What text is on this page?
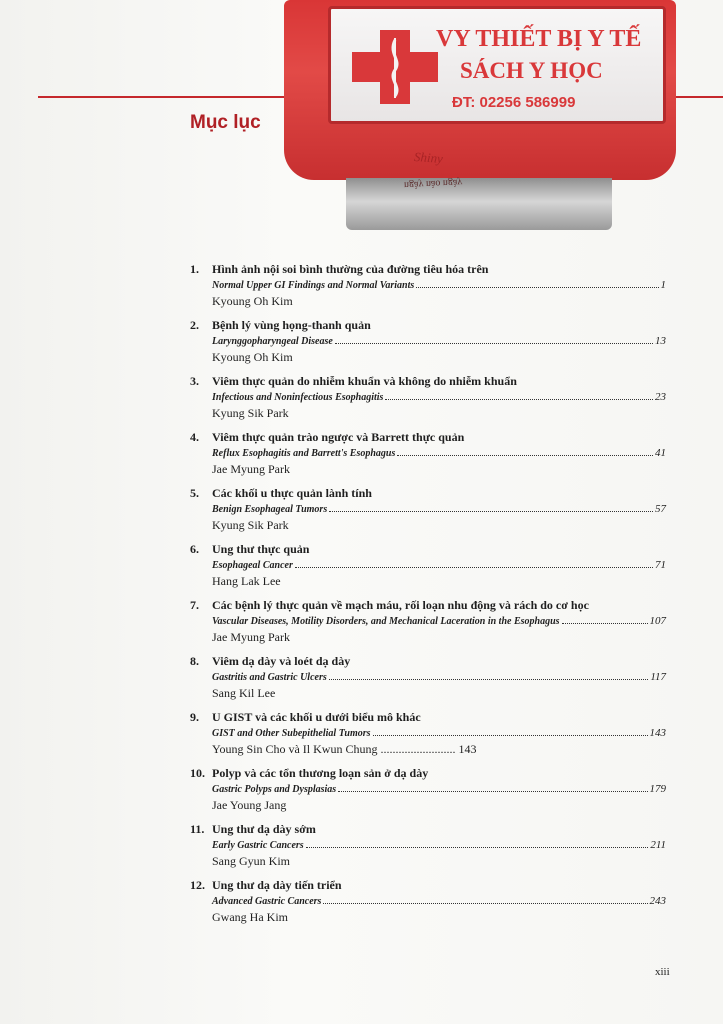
Mục lục
VY THIẾT BỊ Y TẾ
SÁCH Y HỌC
ĐT: 02256 586999
Shiny
ngày nào ngày
1. Hình ảnh nội soi bình thường của đường tiêu hóa trên
Normal Upper GI Findings and Normal Variants	1
Kyoung Oh Kim
2. Bệnh lý vùng họng-thanh quản
Larynggopharyngeal Disease	13
Kyoung Oh Kim
3. Viêm thực quản do nhiễm khuẩn và không do nhiễm khuẩn
Infectious and Noninfectious Esophagitis	23
Kyung Sik Park
4. Viêm thực quản trào ngược và Barrett thực quản
Reflux Esophagitis and Barrett's Esophagus	41
Jae Myung Park
5. Các khối u thực quản lành tính
Benign Esophageal Tumors	57
Kyung Sik Park
6. Ung thư thực quản
Esophageal Cancer	71
Hang Lak Lee
7. Các bệnh lý thực quản về mạch máu, rối loạn nhu động và rách do cơ học
Vascular Diseases, Motility Disorders, and Mechanical Laceration in the Esophagus	107
Jae Myung Park
8. Viêm dạ dày và loét dạ dày
Gastritis and Gastric Ulcers	117
Sang Kil Lee
9. U GIST và các khối u dưới biểu mô khác
GIST and Other Subepithelial Tumors	143
Young Sin Cho và Il Kwun Chung ......................... 143
10. Polyp và các tổn thương loạn sản ở dạ dày
Gastric Polyps and Dysplasias	179
Jae Young Jang
11. Ung thư dạ dày sớm
Early Gastric Cancers	211
Sang Gyun Kim
12. Ung thư dạ dày tiến triển
Advanced Gastric Cancers	243
Gwang Ha Kim
xiii
